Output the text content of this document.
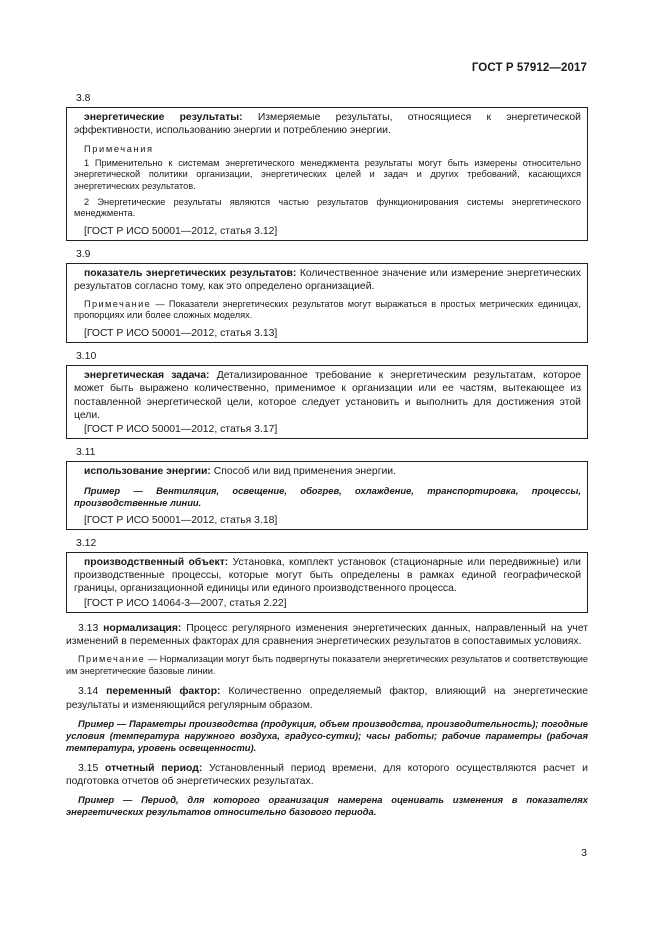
ГОСТ Р 57912—2017
3.8
энергетические результаты: Измеряемые результаты, относящиеся к энергетической эффективности, использованию энергии и потреблению энергии.
Примечания
1 Применительно к системам энергетического менеджмента результаты могут быть измерены относительно энергетической политики организации, энергетических целей и задач и других требований, касающихся энергетических результатов.
2 Энергетические результаты являются частью результатов функционирования системы энергетического менеджмента.
[ГОСТ Р ИСО 50001—2012, статья 3.12]
3.9
показатель энергетических результатов: Количественное значение или измерение энергетических результатов согласно тому, как это определено организацией.
Примечание — Показатели энергетических результатов могут выражаться в простых метрических единицах, пропорциях или более сложных моделях.
[ГОСТ Р ИСО 50001—2012, статья 3.13]
3.10
энергетическая задача: Детализированное требование к энергетическим результатам, которое может быть выражено количественно, применимое к организации или ее частям, вытекающее из поставленной энергетической цели, которое следует установить и выполнить для достижения этой цели.
[ГОСТ Р ИСО 50001—2012, статья 3.17]
3.11
использование энергии: Способ или вид применения энергии.
Пример — Вентиляция, освещение, обогрев, охлаждение, транспортировка, процессы, производственные линии.
[ГОСТ Р ИСО 50001—2012, статья 3.18]
3.12
производственный объект: Установка, комплект установок (стационарные или передвижные) или производственные процессы, которые могут быть определены в рамках единой географической границы, организационной единицы или единого производственного процесса.
[ГОСТ Р ИСО 14064-3—2007, статья 2.22]
3.13 нормализация: Процесс регулярного изменения энергетических данных, направленный на учет изменений в переменных факторах для сравнения энергетических результатов в сопоставимых условиях.
Примечание — Нормализации могут быть подвергнуты показатели энергетических результатов и соответствующие им энергетические базовые линии.
3.14 переменный фактор: Количественно определяемый фактор, влияющий на энергетические результаты и изменяющийся регулярным образом.
Пример — Параметры производства (продукция, объем производства, производительность); погодные условия (температура наружного воздуха, градусо-сутки); часы работы; рабочие параметры (рабочая температура, уровень освещенности).
3.15 отчетный период: Установленный период времени, для которого осуществляются расчет и подготовка отчетов об энергетических результатах.
Пример — Период, для которого организация намерена оценивать изменения в показателях энергетических результатов относительно базового периода.
3
